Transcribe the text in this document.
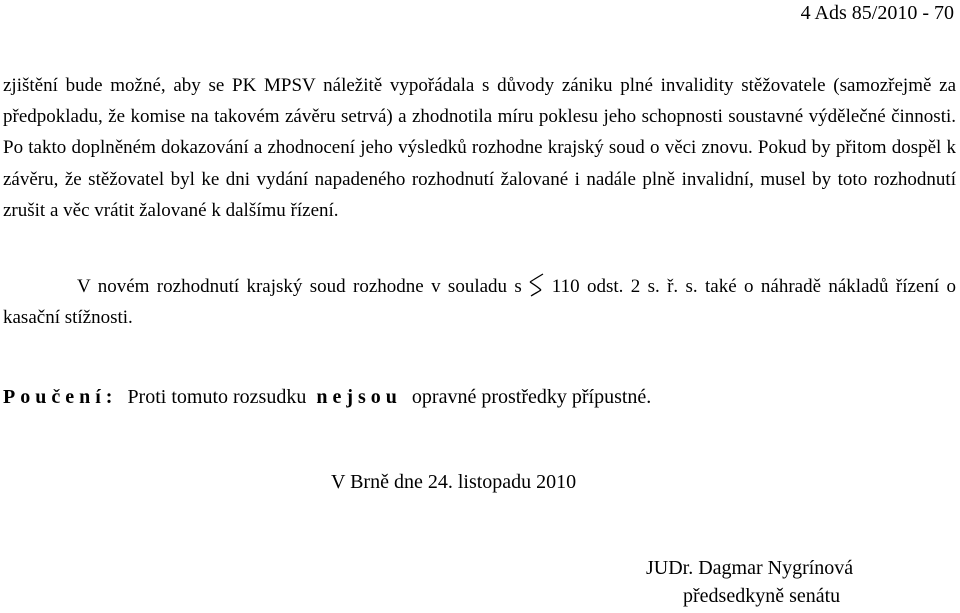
4 Ads 85/2010 - 70

zjištění bude možné, aby se PK MPSV náležitě vypořádala s důvody zániku plné invalidity stěžovatele (samozřejmě za předpokladu, že komise na takovém závěru setrvá) a zhodnotila míru poklesu jeho schopnosti soustavné výdělečné činnosti. Po takto doplněném dokazování a zhodnocení jeho výsledků rozhodne krajský soud o věci znovu. Pokud by přitom dospěl k závěru, že stěžovatel byl ke dni vydání napadeného rozhodnutí žalované i nadále plně invalidní, musel by toto rozhodnutí zrušit a věc vrátit žalované k dalšímu řízení.

V novém rozhodnutí krajský soud rozhodne v souladu s 110 odst. 2 s. ř. s. také o náhradě nákladů řízení o kasační stížnosti.

Poučení: Proti tomuto rozsudku nejsou opravné prostředky přípustné.
V Brně dne 24. listopadu 2010
JUDr. Dagmar Nygrínová
předsedkyně senátu
